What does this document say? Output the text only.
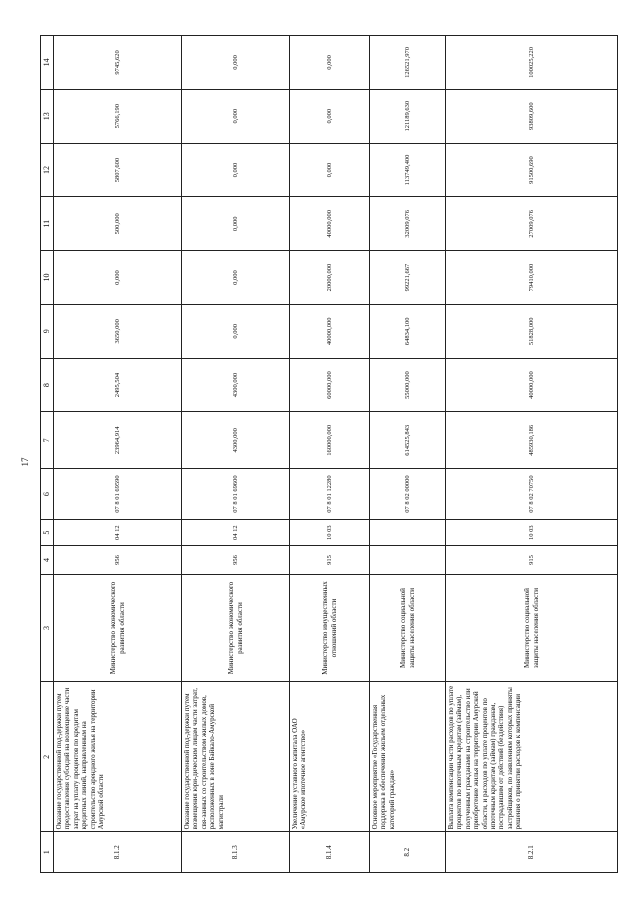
17
1	2	3	4	5	6	7	8	9	10	11	12	13	14
8.1.2	Оказание государственной под-держки путем предоставления субсидий на возмещение части затрат на уплату процентов по кредитам кредитных линий, направленным на строительство арендного жилья на территории Амурской области	Министерство экономического развития области	956	04 12	07 8 01 69590	23964,914	2495,504	3650,000	0,000	500,000	5807,600	5766,190	9745,620
8.1.3	Оказание государственной под-держки путем возмещения юри-дическим лицам части затрат, свя-занных со строительством жилых домов, расположенных в зоне Байкало-Амурской магистрали	Министерство экономического развития области	956	04 12	07 8 01 69600	4300,000	4300,000	0,000	0,000	0,000	0,000	0,000	0,000
8.1.4	Увеличение уставного капитала ОАО «Амурское ипотечное агентство»	Министерство имущественных отношений области	915	10 03	07 8 01 12280	160000,000	60000,000	40000,000	20000,000	40000,000	0,000	0,000	0,000
8.2	Основное мероприятие «Государственная поддержка в обеспечении жильем отдельных категорий граждан»	Министерство социальной защиты населения области			07 8 02 00000	614525,843	55000,000	64834,100	99221,667	32009,076	113749,400	121189,630	126521,970
8.2.1	Выплата компенсации части расходов по уплате процентов по ипотечным кредитам (займам), полученным гражданами на строительство или приобретение жилья на территории Амурской области, и расходов по уплате процентов по ипотечным кредитам (займам) гражданам, пострадавшим от действий (бездействия) застройщиков, по заявлениям которых приняты решения о принятии расходов к компенсации	Министерство социальной защиты населения области	915	10 03	07 8 02 70750	485930,186	40000,000	51828,000	79410,000	27009,076	91500,690	93809,600	100025,220
